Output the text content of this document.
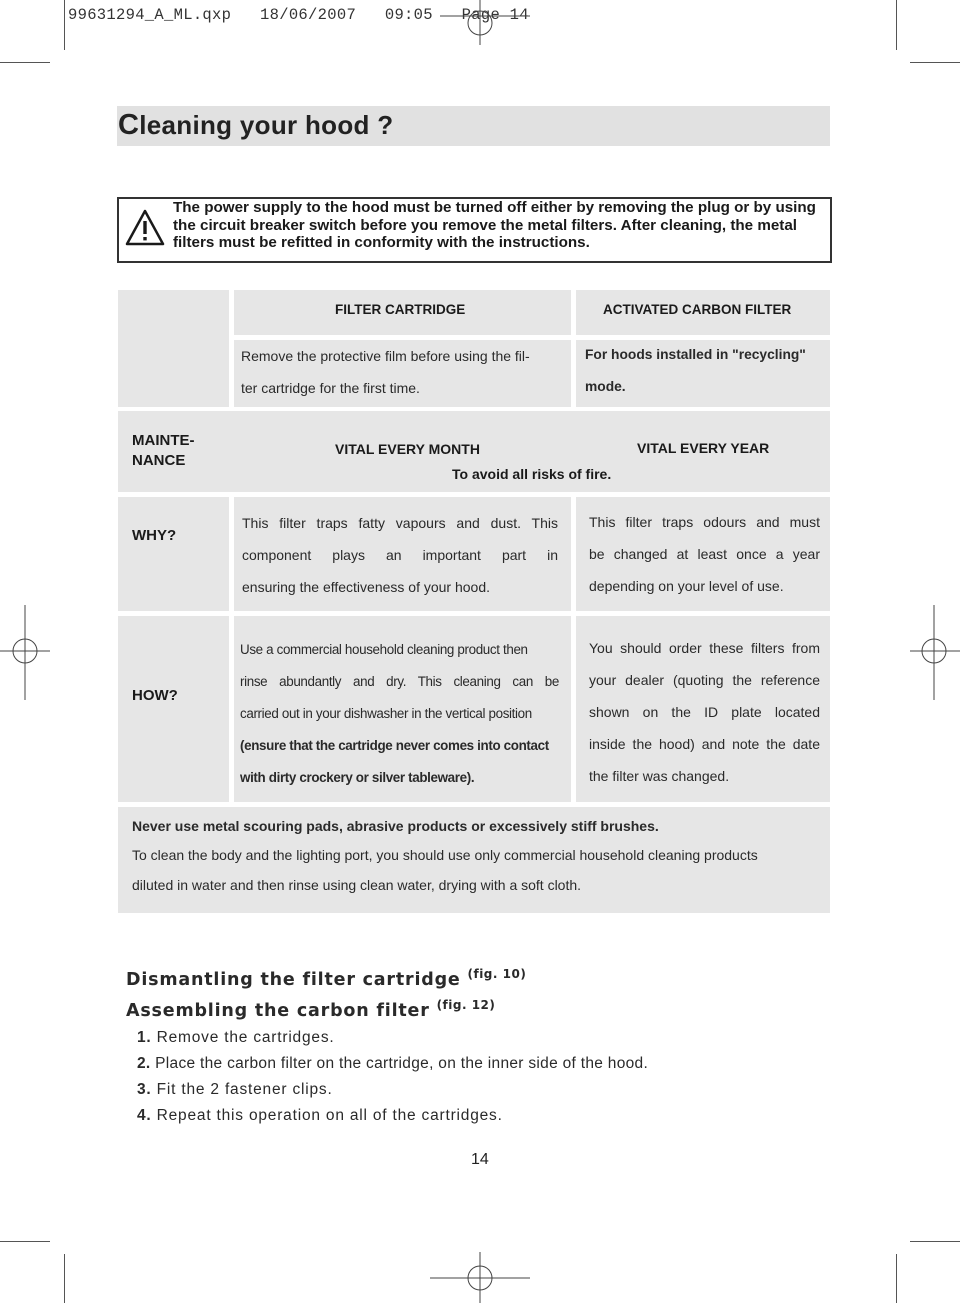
99631294_A_ML.qxp   18/06/2007   09:05   Page 14
Cleaning your hood ?
The power supply to the hood must be turned off either by removing the plug or by using the circuit breaker switch before you remove the metal filters. After cleaning, the metal filters must be refitted in conformity with the instructions.
FILTER CARTRIDGE	ACTIVATED CARBON FILTER
Remove the protective film before using the fil-
ter cartridge for the first time.
For hoods installed in "recycling"
mode.
MAINTE-
NANCE
VITAL EVERY MONTH	VITAL EVERY YEAR
To avoid all risks of fire.
WHY?
This filter traps fatty vapours and dust. This
component plays an important part in
ensuring the effectiveness of your hood.
This filter traps odours and must
be changed at least once a year
depending on your level of use.
HOW?
Use a commercial household cleaning product then
rinse abundantly and dry. This cleaning can be
carried out in your dishwasher in the vertical position
(ensure that the cartridge never comes into contact
with dirty crockery or silver tableware).
You should order these filters from
your dealer (quoting the reference
shown on the ID plate located
inside the hood) and note the date
the filter was changed.
Never use metal scouring pads, abrasive products or excessively stiff brushes.
To clean the body and the lighting port, you should use only commercial household cleaning products
diluted in water and then rinse using clean water, drying with a soft cloth.
Dismantling the filter cartridge $^{(fig. 10)}$
Assembling the carbon filter $^{(fig. 12)}$
1. Remove the cartridges.
2. Place the carbon filter on the cartridge, on the inner side of the hood.
3. Fit the 2 fastener clips.
4. Repeat this operation on all of the cartridges.
14
